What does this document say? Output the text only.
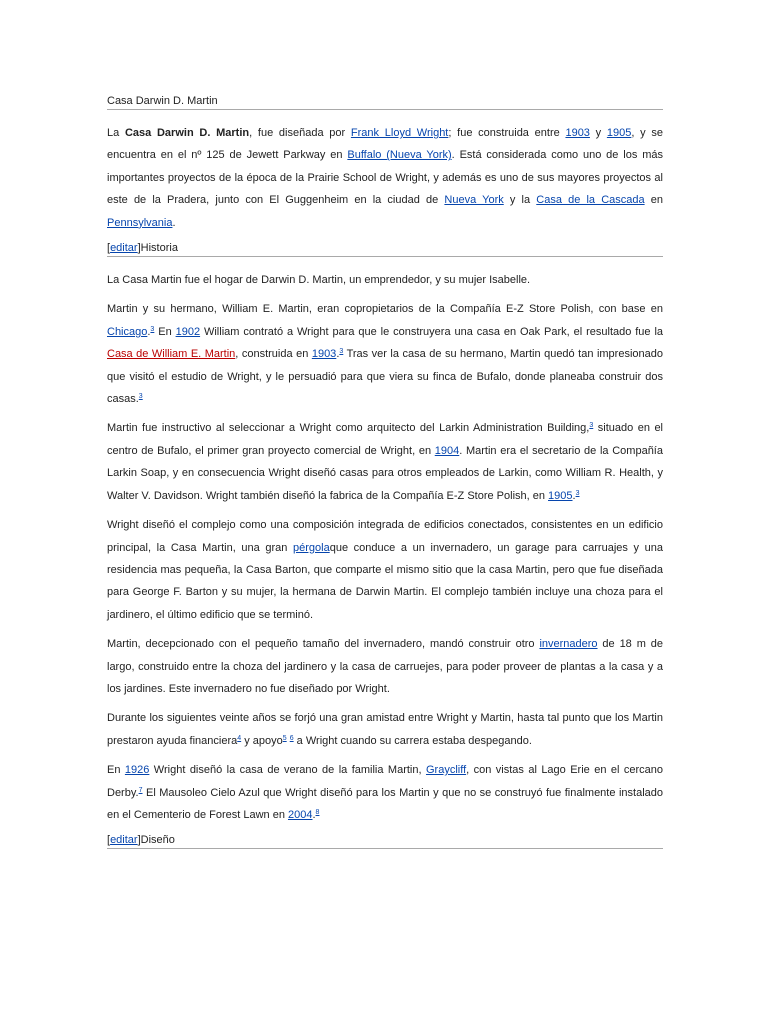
Casa Darwin D. Martin

La Casa Darwin D. Martin, fue diseñada por Frank Lloyd Wright; fue construida entre 1903 y 1905, y se encuentra en el nº 125 de Jewett Parkway en Buffalo (Nueva York). Está considerada como uno de los más importantes proyectos de la época de la Prairie School de Wright, y además es uno de sus mayores proyectos al este de la Pradera, junto con El Guggenheim en la ciudad de Nueva York y la Casa de la Cascada en Pennsylvania.

[editar]Historia

La Casa Martin fue el hogar de Darwin D. Martin, un emprendedor, y su mujer Isabelle.

Martin y su hermano, William E. Martin, eran copropietarios de la Compañía E-Z Store Polish, con base en Chicago.$^3$ En 1902 William contrató a Wright para que le construyera una casa en Oak Park, el resultado fue la Casa de William E. Martin, construida en 1903.$^3$ Tras ver la casa de su hermano, Martin quedó tan impresionado que visitó el estudio de Wright, y le persuadió para que viera su finca de Bufalo, donde planeaba construir dos casas.$^3$

Martin fue instructivo al seleccionar a Wright como arquitecto del Larkin Administration Building,$^3$ situado en el centro de Bufalo, el primer gran proyecto comercial de Wright, en 1904. Martin era el secretario de la Compañía Larkin Soap, y en consecuencia Wright diseñó casas para otros empleados de Larkin, como William R. Health, y Walter V. Davidson. Wright también diseñó la fabrica de la Compañía E-Z Store Polish, en 1905.$^3$

Wright diseñó el complejo como una composición integrada de edificios conectados, consistentes en un edificio principal, la Casa Martin, una gran pérgolaque conduce a un invernadero, un garage para carruajes y una residencia mas pequeña, la Casa Barton, que comparte el mismo sitio que la casa Martin, pero que fue diseñada para George F. Barton y su mujer, la hermana de Darwin Martin. El complejo también incluye una choza para el jardinero, el último edificio que se terminó.

Martin, decepcionado con el pequeño tamaño del invernadero, mandó construir otro invernadero de 18 m de largo, construido entre la choza del jardinero y la casa de carruejes, para poder proveer de plantas a la casa y a los jardines. Este invernadero no fue diseñado por Wright.

Durante los siguientes veinte años se forjó una gran amistad entre Wright y Martin, hasta tal punto que los Martin prestaron ayuda financiera$^4$ y apoyo$^5$ $^6$ a Wright cuando su carrera estaba despegando.

En 1926 Wright diseñó la casa de verano de la familia Martin, Graycliff, con vistas al Lago Erie en el cercano Derby.$^7$ El Mausoleo Cielo Azul que Wright diseñó para los Martin y que no se construyó fue finalmente instalado en el Cementerio de Forest Lawn en 2004.$^8$

[editar]Diseño
